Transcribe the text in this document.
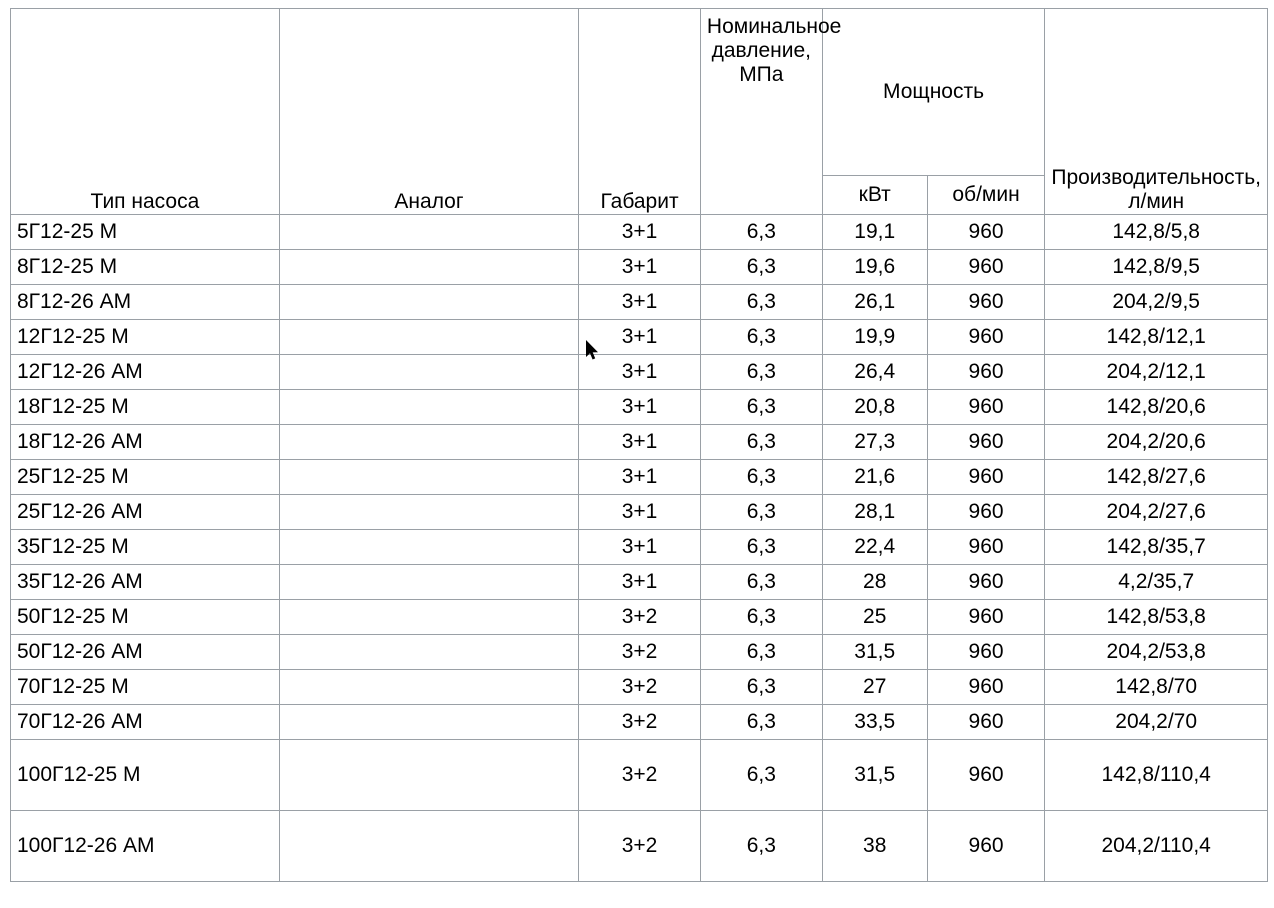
Тип насоса	Аналог	Габарит	Номинальное давление, МПа	Мощность		Производительность, л/мин
				кВт	об/мин	
5Г12-25 М		3+1	6,3	19,1	960	142,8/5,8
8Г12-25 М		3+1	6,3	19,6	960	142,8/9,5
8Г12-26 АМ		3+1	6,3	26,1	960	204,2/9,5
12Г12-25 М		3+1	6,3	19,9	960	142,8/12,1
12Г12-26 АМ		3+1	6,3	26,4	960	204,2/12,1
18Г12-25 М		3+1	6,3	20,8	960	142,8/20,6
18Г12-26 АМ		3+1	6,3	27,3	960	204,2/20,6
25Г12-25 М		3+1	6,3	21,6	960	142,8/27,6
25Г12-26 АМ		3+1	6,3	28,1	960	204,2/27,6
35Г12-25 М		3+1	6,3	22,4	960	142,8/35,7
35Г12-26 АМ		3+1	6,3	28	960	4,2/35,7
50Г12-25 М		3+2	6,3	25	960	142,8/53,8
50Г12-26 АМ		3+2	6,3	31,5	960	204,2/53,8
70Г12-25 М		3+2	6,3	27	960	142,8/70
70Г12-26 АМ		3+2	6,3	33,5	960	204,2/70
100Г12-25 М		3+2	6,3	31,5	960	142,8/110,4
100Г12-26 АМ		3+2	6,3	38	960	204,2/110,4
